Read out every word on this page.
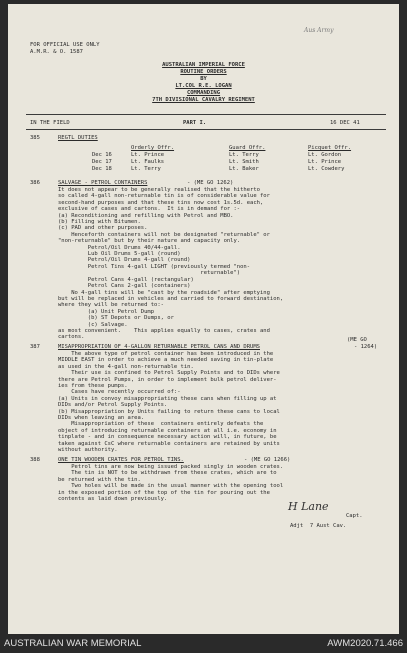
FOR OFFICIAL USE ONLY
A.M.R. & O. 1587
Aus Army
AUSTRALIAN IMPERIAL FORCE
ROUTINE ORDERS
BY
LT.COL R.E. LOGAN
COMMANDING
7TH DIVISIONAL CAVALRY REGIMENT
IN THE FIELD	PART I.	16 DEC 41
385	REGTL DUTIES
Orderly Offr.	Guard Offr.	Picquet Offr.
Dec 16	Lt. Prince	Lt. Terry	Lt. Gordon
Dec 17	Lt. Faulks	Lt. Smith	Lt. Prince
Dec 18	Lt. Terry	Lt. Baker	Lt. Cowdery
386	SALVAGE - PETROL CONTAINERS	- (ME GO 1262)
It does not appear to be generally realised that the hitherto
so called 4-gall non-returnable tin is of considerable value for
second-hand purposes and that these tins now cost 1s.5d. each,
exclusive of cases and cartons.  It is in demand for :-
(a) Reconditioning and refilling with Petrol and MBO.
(b) Filling with Bitumen.
(c) PAD and other purposes.
Henceforth containers will not be designated "returnable" or
"non-returnable" but by their nature and capacity only.
Petrol/Oil Drums 40/44-gall.
Lub Oil Drums 5-gall (round)
Petrol/Oil Drums 4-gall (round)
Petrol Tins 4-gall LIGHT (previously termed "non-
returnable")
Petrol Cans 4-gall (rectangular)
Petrol Cans 2-gall (containers)
No 4-gall tins will be "cast by the roadside" after emptying
but will be replaced in vehicles and carried to forward destination,
where they will be returned to:-
(a) Unit Petrol Dump
(b) ST Depots or Dumps, or
(c) Salvage.
as most convenient.    This applies equally to cases, crates and
cartons.	(ME GO
387	MISAPPROPRIATION OF 4-GALLON RETURNABLE PETROL CANS AND DRUMS	- 1264)
The above type of petrol container has been introduced in the
MIDDLE EAST in order to achieve a much needed saving in tin-plate
as used in the 4-gall non-returnable tin.
Their use is confined to Petrol Supply Points and to DIDs where
there are Petrol Pumps, in order to implement bulk petrol deliver-
ies from these pumps.
Cases have recently occurred of:-
(a) Units in convoy misappropriating these cans when filling up at
DIDs and/or Petrol Supply Points.
(b) Misappropriation by Units failing to return these cans to local
DIDs when leaving an area.
Misappropriation of these  containers entirely defeats the
object of introducing returnable containers at all i.e. economy in
tinplate - and in consequence necessary action will, in future, be
taken against CsC where returnable containers are retained by units
without authority.
388	ONE TIN WOODEN CRATES FOR PETROL TINS.	- (ME GO 1266)
Petrol tins are now being issued packed singly in wooden crates.
The tin is NOT to be withdrawn from these crates, which are to
be returned with the tin.
Two holes will be made in the usual manner with the opening tool
in the exposed portion of the top of the tin for pouring out the
contents as laid down previously.
H Lane
Capt.
Adjt  7 Aust Cav.
AUSTRALIAN WAR MEMORIAL	AWM2020.71.466
